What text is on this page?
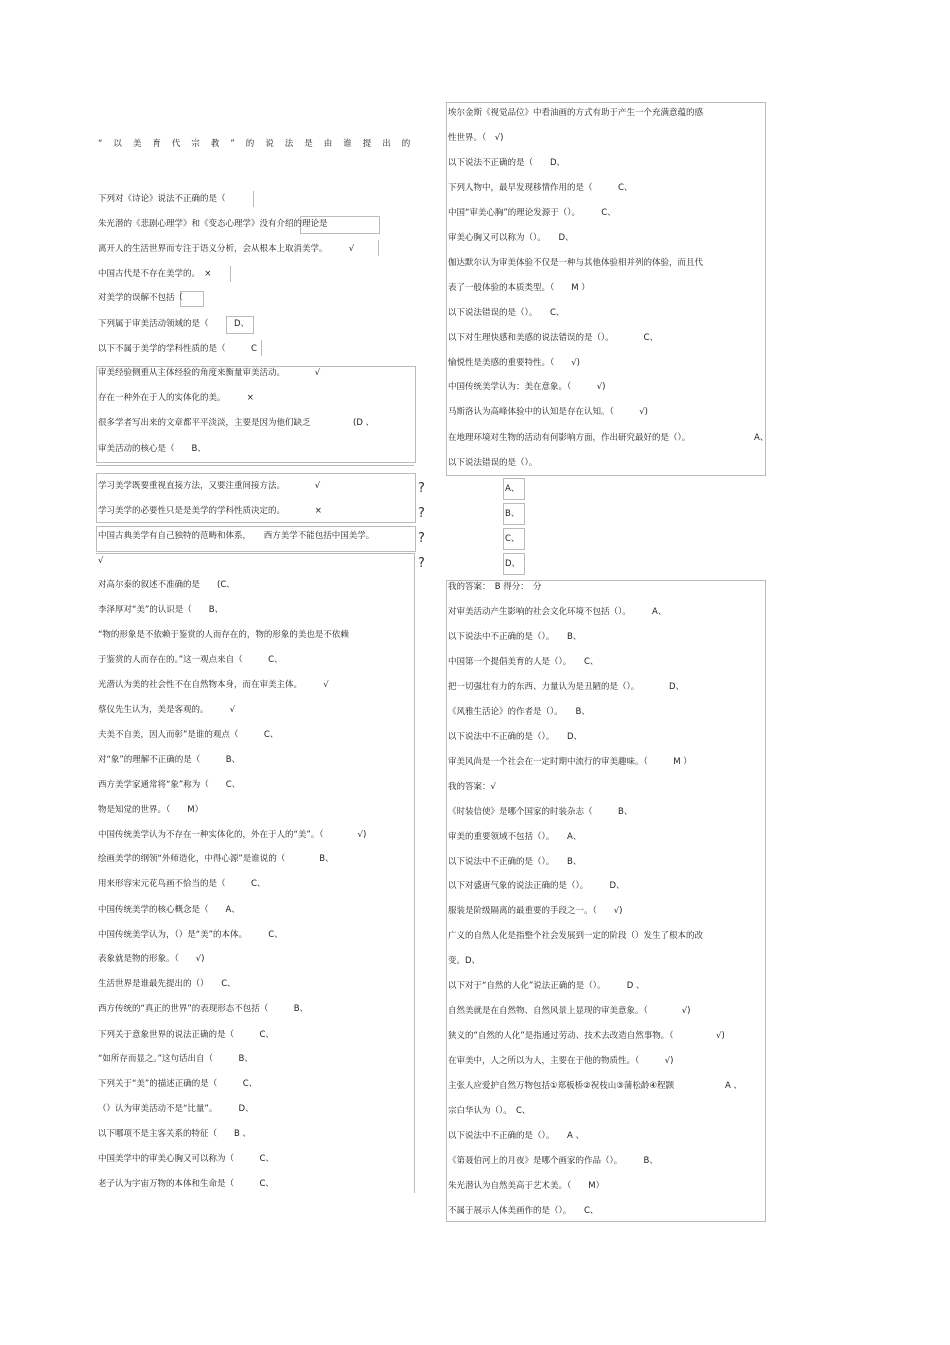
“以美育代宗教”的说法是由谁提出的
下列对《诗论》说法不正确的是（
朱光潜的《悲剧心理学》和《变态心理学》没有介绍的理论是
离开人的生活世界而专注于语义分析，会从根本上取消美学。　　　√
中国古代是不存在美学的。　×
对美学的误解不包括（
下列属于审美活动领域的是（　　　D、
以下不属于美学的学科性质的是（　　　C
审美经验侧重从主体经验的角度来衡量审美活动。　　　　√
存在一种外在于人的实体化的美。　　　×
很多学者写出来的文章都平平淡淡，主要是因为他们缺乏　　　　　(D 、
审美活动的核心是（　　B、
学习美学既要重视直接方法，又要注重间接方法。　　　　√
学习美学的必要性只是是美学的学科性质决定的。　　　　×
中国古典美学有自己独特的范畴和体系，　　西方美学不能包括中国美学。
√
对高尔泰的叙述不准确的是　　(C、
李泽厚对“美”的认识是（　　B、
“物的形象是不依赖于鉴赏的人而存在的，物的形象的美也是不依赖
于鉴赏的人而存在的。”这一观点来自（　　　C、
光潜认为美的社会性不在自然物本身，而在审美主体。　　　√
蔡仪先生认为，美是客观的。　　　√
夫美不自美，因人而彰”是谁的观点（　　　C、
对“象”的理解不正确的是（　　　B、
西方美学家通常将“象”称为（　　C、
物是知觉的世界。（　　M）
中国传统美学认为不存在一种实体化的，外在于人的“美”。（　　　　√)
绘画美学的纲领“外师造化，中得心源”是谁说的（　　　　B、
用来形容宋元花鸟画不恰当的是（　　　C、
中国传统美学的核心概念是（　　A、
中国传统美学认为，（）是“美”的本体。　　　C、
表象就是物的形象。（　　√)
生活世界是谁最先提出的（）　　C、
西方传统的“真正的世界”的表现形态不包括（　　　B、
下列关于意象世界的说法正确的是（　　　C、
“如所存而显之。”这句话出自（　　　B、
下列关于“美”的描述正确的是（　　　C、
（）认为审美活动不是“比量”。　　　D、
以下哪项不是主客关系的特征（　　B 、
中国美学中的审美心胸又可以称为（　　　C、
老子认为宇宙万物的本体和生命是（　　　C、
?
?
?
?
A、
B、
C、
D、
埃尔金斯《视觉品位》中看油画的方式有助于产生一个充满意蕴的感
性世界。（　√)
以下说法不正确的是（　　D、
下列人物中，最早发现移情作用的是（　　　C、
中国“审美心胸”的理论发源于（）。　　　C、
审美心胸又可以称为（）。　　D、
伽达默尔认为审美体验不仅是一种与其他体验相并列的体验，而且代
表了一般体验的本质类型。（　　M ）
以下说法错误的是（）。　　C、
以下对生理快感和美感的说法错误的是（）。　　　　C、
愉悦性是美感的重要特性。（　　√)
中国传统美学认为：美在意象。（　　　√)
马斯洛认为高峰体验中的认知是存在认知。（　　　√)
在地理环境对生物的活动有何影响方面，作出研究最好的是（）。　　　　　　　　A、
以下说法错误的是（）。
我的答案：　B 得分：　分
对审美活动产生影响的社会文化环境不包括（）。　　　A、
以下说法中不正确的是（）。　　B、
中国第一个提倡美育的人是（）。　　C、
把一切强壮有力的东西、力量认为是丑陋的是（）。　　　　D、
《风雅生活论》的作者是（）。　　B、
以下说法中不正确的是（）。　　D、
审美风尚是一个社会在一定时期中流行的审美趣味。（　　　M ）
我的答案：√
《时装信使》是哪个国家的时装杂志（　　　B、
审美的重要领域不包括（）。　　A、
以下说法中不正确的是（）。　　B、
以下对盛唐气象的说法正确的是（）。　　　D、
服装是阶级隔离的最重要的手段之一。（　　√)
广义的自然人化是指整个社会发展到一定的阶段（）发生了根本的改
变。D、
以下对于“自然的人化”说法正确的是（）。　　　D 、
自然美就是在自然物、自然风景上显现的审美意象。（　　　　√)
狭义的“自然的人化”是指通过劳动、技术去改造自然事物。（　　　　　√)
在审美中，人之所以为人，主要在于他的物质性。（　　　√)
主张人应爱护自然万物包括①郑板桥②祝枝山③蒲松龄④程颢　　　　　　A 、
宗白华认为（）。　C、
以下说法中不正确的是（）。　　A 、
《第聂伯河上的月夜》是哪个画家的作品（）。　　　B、
朱光潜认为自然美高于艺术美。（　　M）
不属于展示人体美画作的是（）。　　C、
